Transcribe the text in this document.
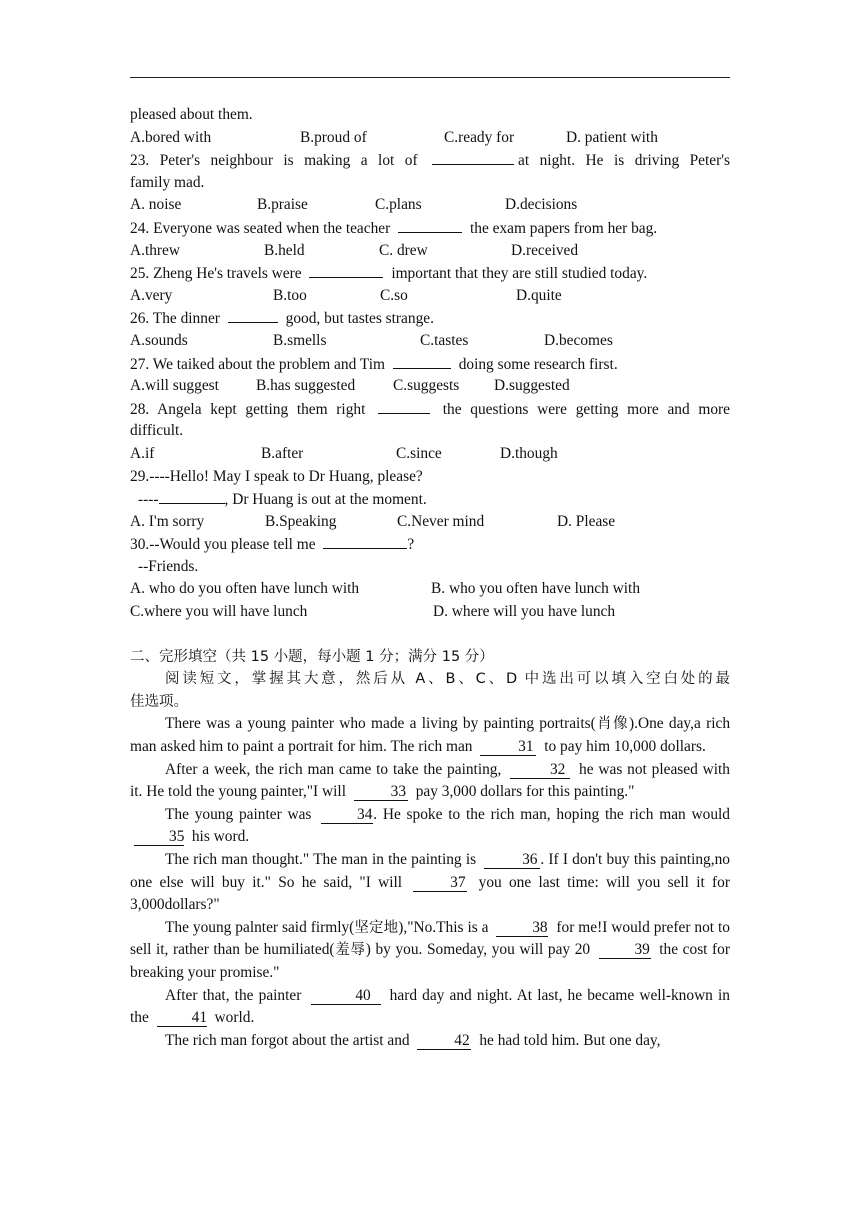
pleased about them.
A.bored with	B.proud of	C.ready for	D. patient with
23. Peter's neighbour is making a lot of	at night. He is driving Peter's
family mad.
A. noise	B.praise	C.plans	D.decisions
24. Everyone was seated when the teacher	the exam papers from her bag.
A.threw	B.held	C. drew	D.received
25. Zheng He's travels were	important that they are still studied today.
A.very	B.too	C.so	D.quite
26. The dinner	good, but tastes strange.
A.sounds	B.smells	C.tastes	D.becomes
27. We taiked about the problem and Tim	doing some research first.
A.will suggest B.has suggested C.suggests D.suggested
28. Angela kept getting them right	the questions were getting more and more
difficult.
A.if	B.after	C.since	D.though
29.----Hello! May I speak to Dr Huang, please?
----	, Dr Huang is out at the moment.
A. I'm sorry	B.Speaking	C.Never mind	D. Please
30.--Would you please tell me	?
--Friends.
A. who do you often have lunch with	B. who you often have lunch with
C.where you will have lunch	D. where will you have lunch
二、完形填空（共 15 小题，每小题 1 分；满分 15 分）
阅读短文，掌握其大意，然后从 A、B、C、D 中选出可以填入空白处的最
佳选项。
There was a young painter who made a living by painting portraits(肖像).One day,a rich man asked him to paint a portrait for him. The rich man	31 to pay him 10,000 dollars.
After a week, the rich man came to take the painting,	32 he was not pleased with it. He told the young painter,"I will	33 pay 3,000 dollars for this painting."
The young painter was	34. He spoke to the rich man, hoping the rich man would 35 his word.
The rich man thought." The man in the painting is	36 . If I don't buy this painting,no one else will buy it." So he said, "I will	37 you one last time: will you sell it for 3,000dollars?"
The young palnter said firmly(坚定地),"No.This is a	38 for me!I would prefer not to sell it, rather than be humiliated(羞辱) by you. Someday, you will pay 20	39 the cost for breaking your promise."
After that, the painter	40 hard day and night. At last, he became well-known in the	41 world.
The rich man forgot about the artist and	42 he had told him. But one day,
